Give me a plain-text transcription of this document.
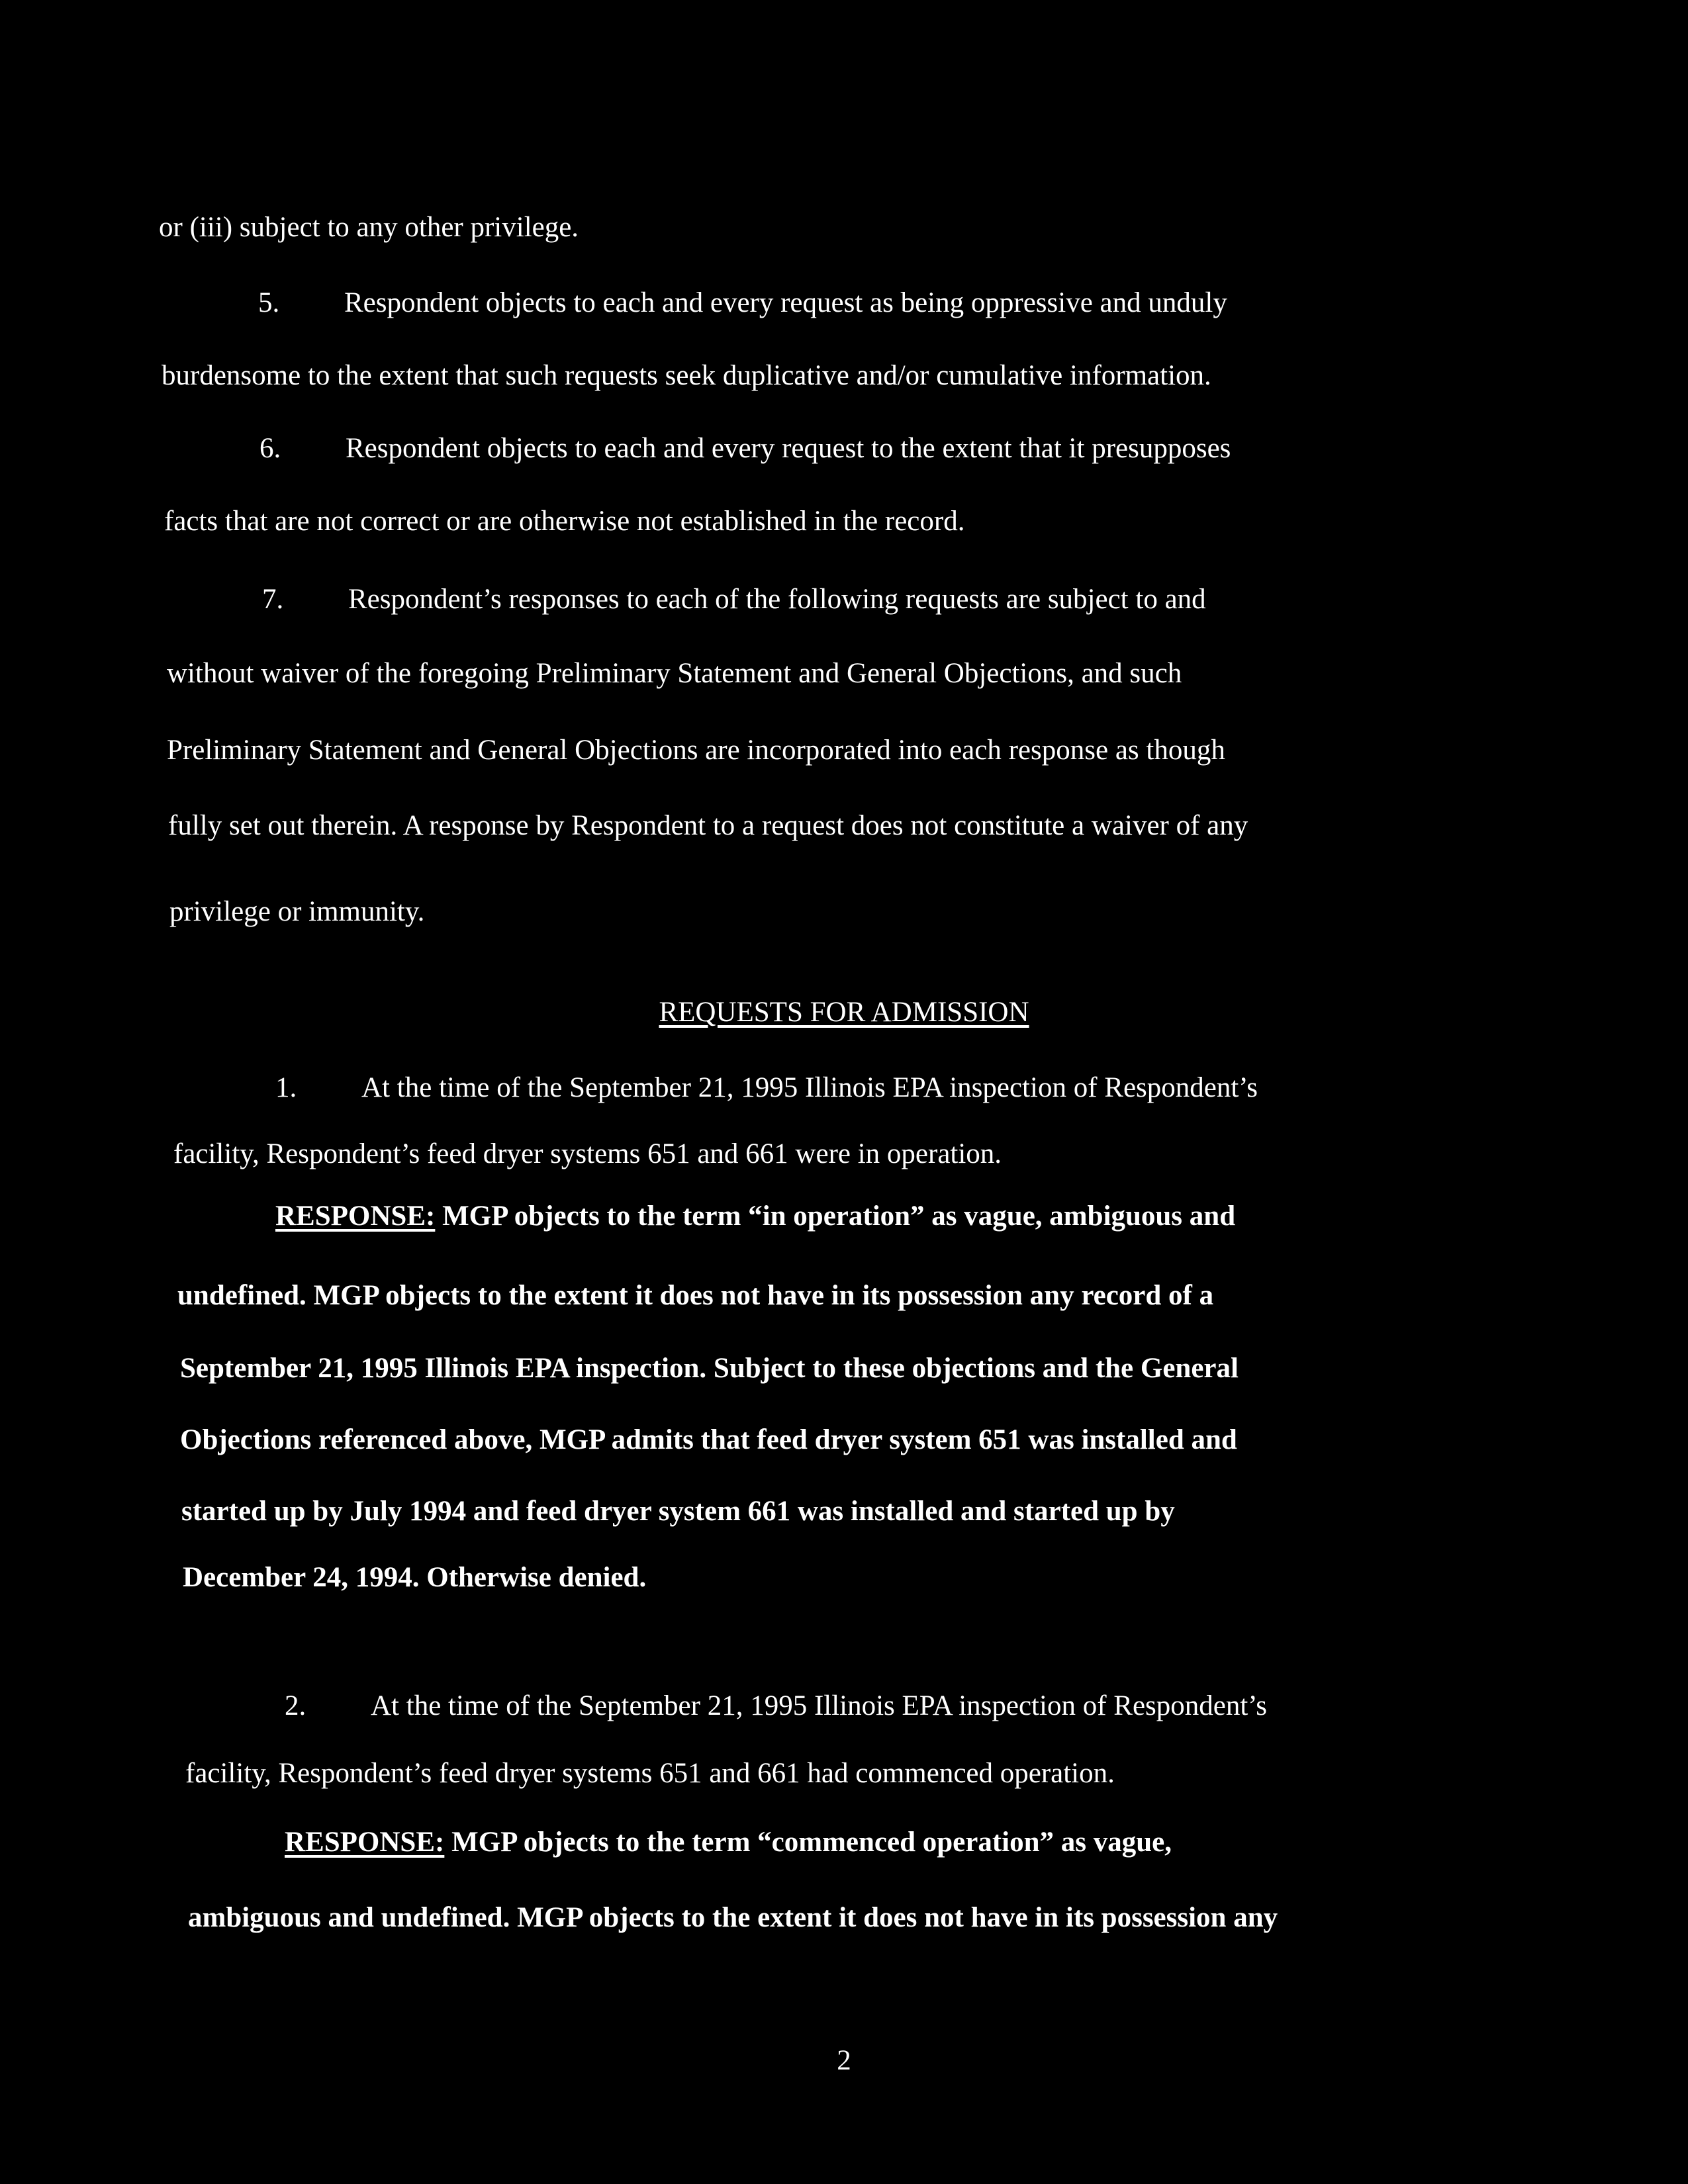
or (iii) subject to any other privilege.

5. Respondent objects to each and every request as being oppressive and unduly

burdensome to the extent that such requests seek duplicative and/or cumulative information.

6. Respondent objects to each and every request to the extent that it presupposes

facts that are not correct or are otherwise not established in the record.

7. Respondent’s responses to each of the following requests are subject to and

without waiver of the foregoing Preliminary Statement and General Objections, and such

Preliminary Statement and General Objections are incorporated into each response as though

fully set out therein. A response by Respondent to a request does not constitute a waiver of any

privilege or immunity.

REQUESTS FOR ADMISSION

1. At the time of the September 21, 1995 Illinois EPA inspection of Respondent’s

facility, Respondent’s feed dryer systems 651 and 661 were in operation.

RESPONSE: MGP objects to the term “in operation” as vague, ambiguous and

undefined. MGP objects to the extent it does not have in its possession any record of a

September 21, 1995 Illinois EPA inspection. Subject to these objections and the General

Objections referenced above, MGP admits that feed dryer system 651 was installed and

started up by July 1994 and feed dryer system 661 was installed and started up by

December 24, 1994. Otherwise denied.

2. At the time of the September 21, 1995 Illinois EPA inspection of Respondent’s

facility, Respondent’s feed dryer systems 651 and 661 had commenced operation.

RESPONSE: MGP objects to the term “commenced operation” as vague,

ambiguous and undefined. MGP objects to the extent it does not have in its possession any

2
